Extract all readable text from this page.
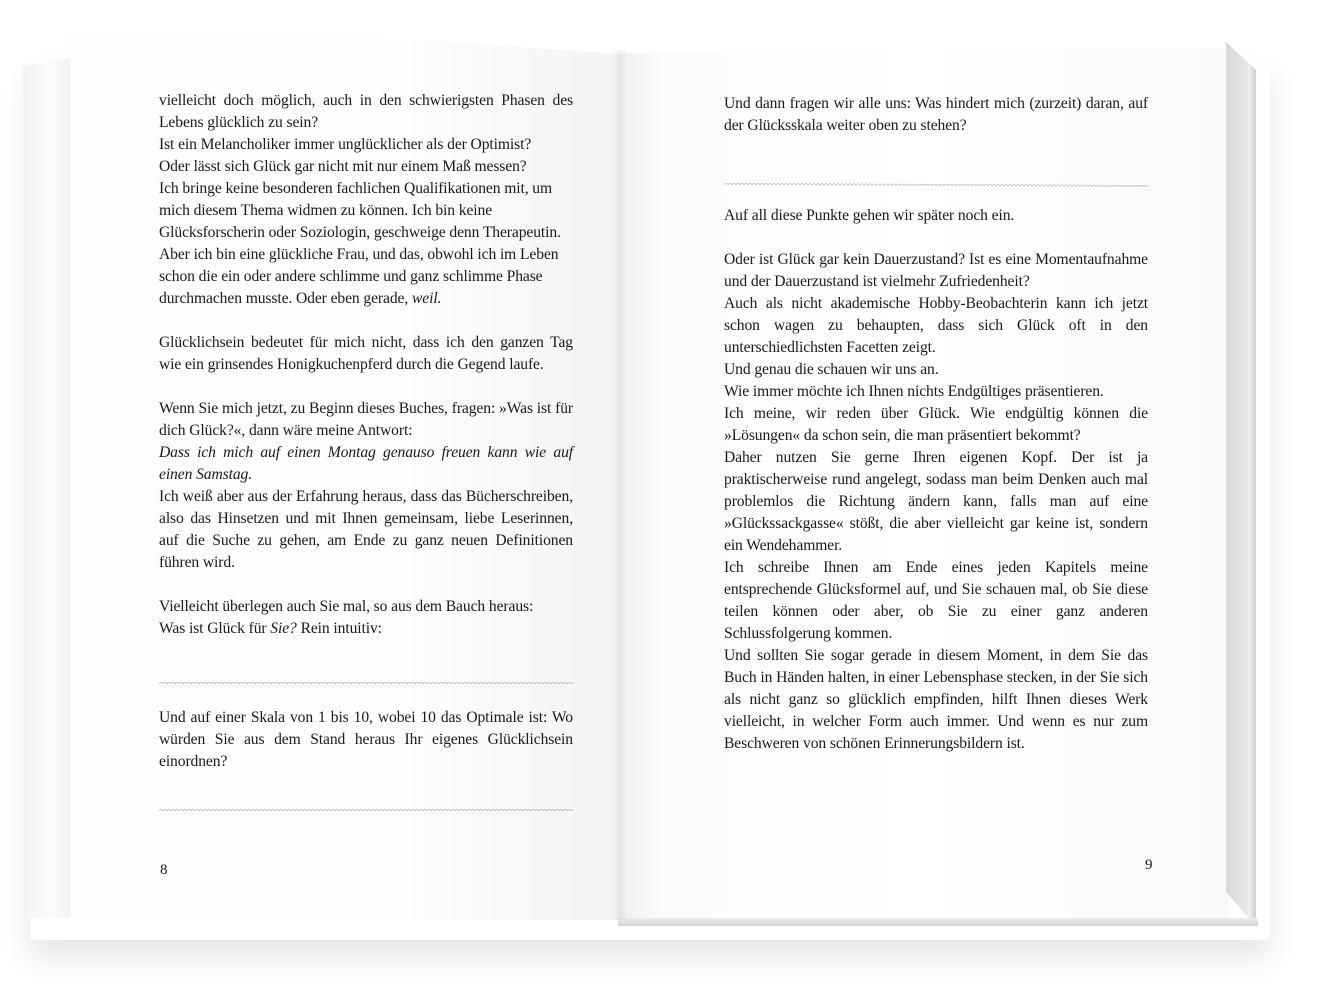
vielleicht doch möglich, auch in den schwierigsten Phasen des Lebens glücklich zu sein?

Ist ein Melancholiker immer unglücklicher als der Optimist?

Oder lässt sich Glück gar nicht mit nur einem Maß messen?

Ich bringe keine besonderen fachlichen Qualifikationen mit, um mich diesem Thema widmen zu können. Ich bin keine Glücksforscherin oder Soziologin, geschweige denn Therapeutin. Aber ich bin eine glückliche Frau, und das, obwohl ich im Leben schon die ein oder andere schlimme und ganz schlimme Phase durchmachen musste. Oder eben gerade, weil.

Glücklichsein bedeutet für mich nicht, dass ich den ganzen Tag wie ein grinsendes Honigkuchenpferd durch die Gegend laufe.

Wenn Sie mich jetzt, zu Beginn dieses Buches, fragen: »Was ist für dich Glück?«, dann wäre meine Antwort:

Dass ich mich auf einen Montag genauso freuen kann wie auf einen Samstag.

Ich weiß aber aus der Erfahrung heraus, dass das Bücherschreiben, also das Hinsetzen und mit Ihnen gemeinsam, liebe Leserinnen, auf die Suche zu gehen, am Ende zu ganz neuen Definitionen führen wird.

Vielleicht überlegen auch Sie mal, so aus dem Bauch heraus:

Was ist Glück für Sie? Rein intuitiv:

Und auf einer Skala von 1 bis 10, wobei 10 das Optimale ist: Wo würden Sie aus dem Stand heraus Ihr eigenes Glücklichsein einordnen?

8

Und dann fragen wir alle uns: Was hindert mich (zurzeit) daran, auf der Glücksskala weiter oben zu stehen?

Auf all diese Punkte gehen wir später noch ein.

Oder ist Glück gar kein Dauerzustand? Ist es eine Momentaufnahme und der Dauerzustand ist vielmehr Zufriedenheit?

Auch als nicht akademische Hobby-Beobachterin kann ich jetzt schon wagen zu behaupten, dass sich Glück oft in den unterschiedlichsten Facetten zeigt.

Und genau die schauen wir uns an.

Wie immer möchte ich Ihnen nichts Endgültiges präsentieren.

Ich meine, wir reden über Glück. Wie endgültig können die »Lösungen« da schon sein, die man präsentiert bekommt?

Daher nutzen Sie gerne Ihren eigenen Kopf. Der ist ja praktischerweise rund angelegt, sodass man beim Denken auch mal problemlos die Richtung ändern kann, falls man auf eine »Glückssackgasse« stößt, die aber vielleicht gar keine ist, sondern ein Wendehammer.

Ich schreibe Ihnen am Ende eines jeden Kapitels meine entsprechende Glücksformel auf, und Sie schauen mal, ob Sie diese teilen können oder aber, ob Sie zu einer ganz anderen Schlussfolgerung kommen.

Und sollten Sie sogar gerade in diesem Moment, in dem Sie das Buch in Händen halten, in einer Lebensphase stecken, in der Sie sich als nicht ganz so glücklich empfinden, hilft Ihnen dieses Werk vielleicht, in welcher Form auch immer. Und wenn es nur zum Beschweren von schönen Erinnerungsbildern ist.

9
